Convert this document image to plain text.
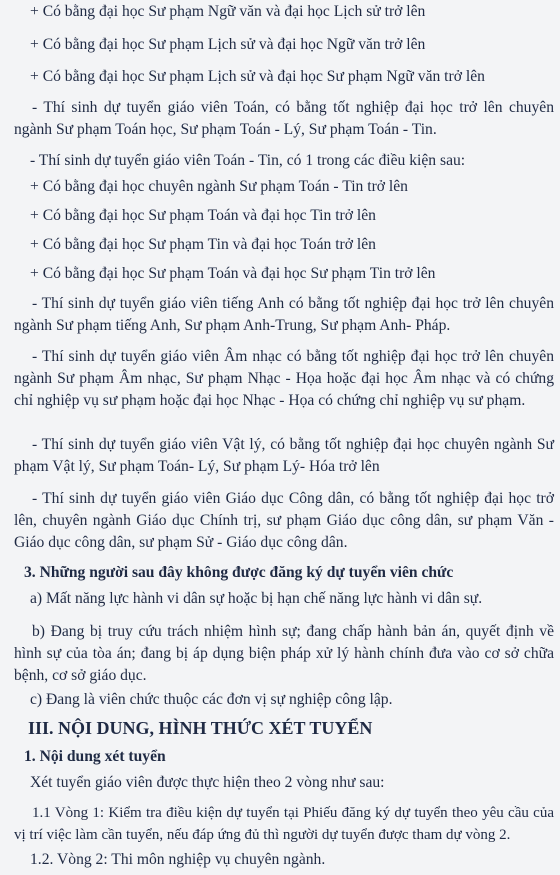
+ Có bằng đại học Sư phạm Ngữ văn và đại học Lịch sử trở lên

+ Có bằng đại học Sư phạm Lịch sử và đại học Ngữ văn trở lên

+ Có bằng đại học Sư phạm Lịch sử và đại học Sư phạm Ngữ văn trở lên

- Thí sinh dự tuyển giáo viên Toán, có bằng tốt nghiệp đại học trở lên chuyên ngành Sư phạm Toán học, Sư phạm Toán - Lý, Sư phạm Toán - Tin.

- Thí sinh dự tuyển giáo viên Toán - Tin, có 1 trong các điều kiện sau:

+ Có bằng đại học chuyên ngành Sư phạm Toán - Tin trở lên

+ Có bằng đại học Sư phạm Toán và đại học Tin trở lên

+ Có bằng đại học Sư phạm Tin và đại học Toán trở lên

+ Có bằng đại học Sư phạm Toán và đại học Sư phạm Tin trở lên

- Thí sinh dự tuyển giáo viên tiếng Anh có bằng tốt nghiệp đại học trở lên chuyên ngành Sư phạm tiếng Anh, Sư phạm Anh-Trung, Sư phạm Anh- Pháp.

- Thí sinh dự tuyển giáo viên Âm nhạc có bằng tốt nghiệp đại học trở lên chuyên ngành Sư phạm Âm nhạc, Sư phạm Nhạc - Họa hoặc đại học Âm nhạc và có chứng chỉ nghiệp vụ sư phạm hoặc đại học Nhạc - Họa có chứng chỉ nghiệp vụ sư phạm.

- Thí sinh dự tuyển giáo viên Vật lý, có bằng tốt nghiệp đại học chuyên ngành Sư phạm Vật lý, Sư phạm Toán- Lý, Sư phạm Lý- Hóa trở lên

- Thí sinh dự tuyển giáo viên Giáo dục Công dân, có bằng tốt nghiệp đại học trở lên, chuyên ngành Giáo dục Chính trị, sư phạm Giáo dục công dân, sư phạm Văn - Giáo dục công dân, sư phạm Sử - Giáo dục công dân.

3. Những người sau đây không được đăng ký dự tuyển viên chức

a) Mất năng lực hành vi dân sự hoặc bị hạn chế năng lực hành vi dân sự.

b) Đang bị truy cứu trách nhiệm hình sự; đang chấp hành bản án, quyết định về hình sự của tòa án; đang bị áp dụng biện pháp xử lý hành chính đưa vào cơ sở chữa bệnh, cơ sở giáo dục.

c) Đang là viên chức thuộc các đơn vị sự nghiệp công lập.

III. NỘI DUNG, HÌNH THỨC XÉT TUYỂN

1. Nội dung xét tuyển

Xét tuyển giáo viên được thực hiện theo 2 vòng như sau:

1.1 Vòng 1: Kiểm tra điều kiện dự tuyển tại Phiếu đăng ký dự tuyển theo yêu cầu của vị trí việc làm cần tuyển, nếu đáp ứng đủ thì người dự tuyển được tham dự vòng 2.

1.2. Vòng 2: Thi môn nghiệp vụ chuyên ngành.
